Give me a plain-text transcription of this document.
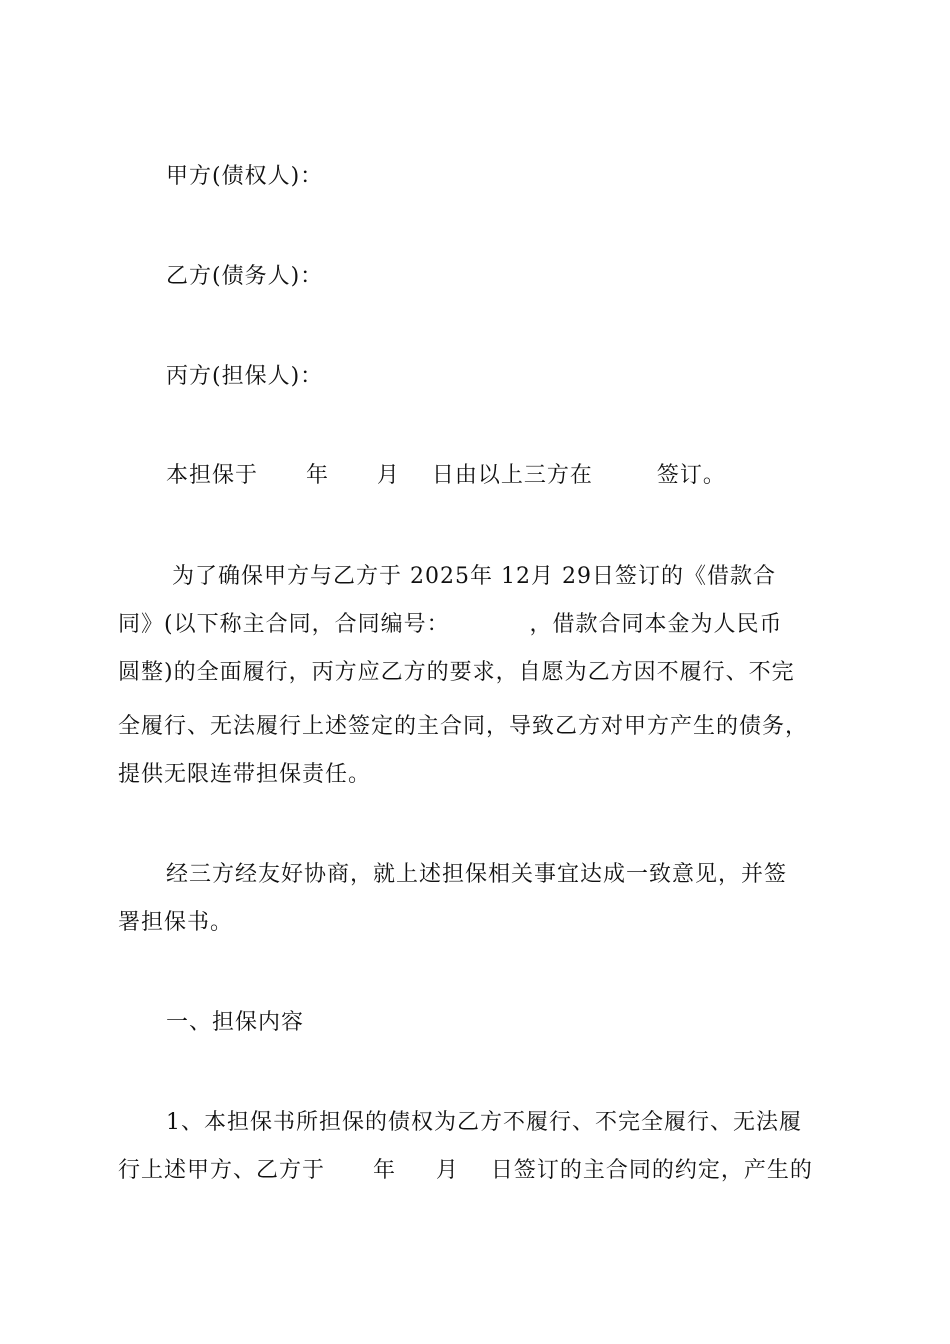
甲方(债权人)：
乙方(债务人)：
丙方(担保人)：
本担保于      年      月    日由以上三方在        签订。
为了确保甲方与乙方于 2025年 12月 29日签订的《借款合
同》(以下称主合同，合同编号：          ，借款合同本金为人民币
圆整)的全面履行，丙方应乙方的要求，自愿为乙方因不履行、不完
全履行、无法履行上述签定的主合同，导致乙方对甲方产生的债务，
提供无限连带担保责任。
经三方经友好协商，就上述担保相关事宜达成一致意见，并签
署担保书。
一、担保内容
1、本担保书所担保的债权为乙方不履行、不完全履行、无法履
行上述甲方、乙方于      年     月    日签订的主合同的约定，产生的
